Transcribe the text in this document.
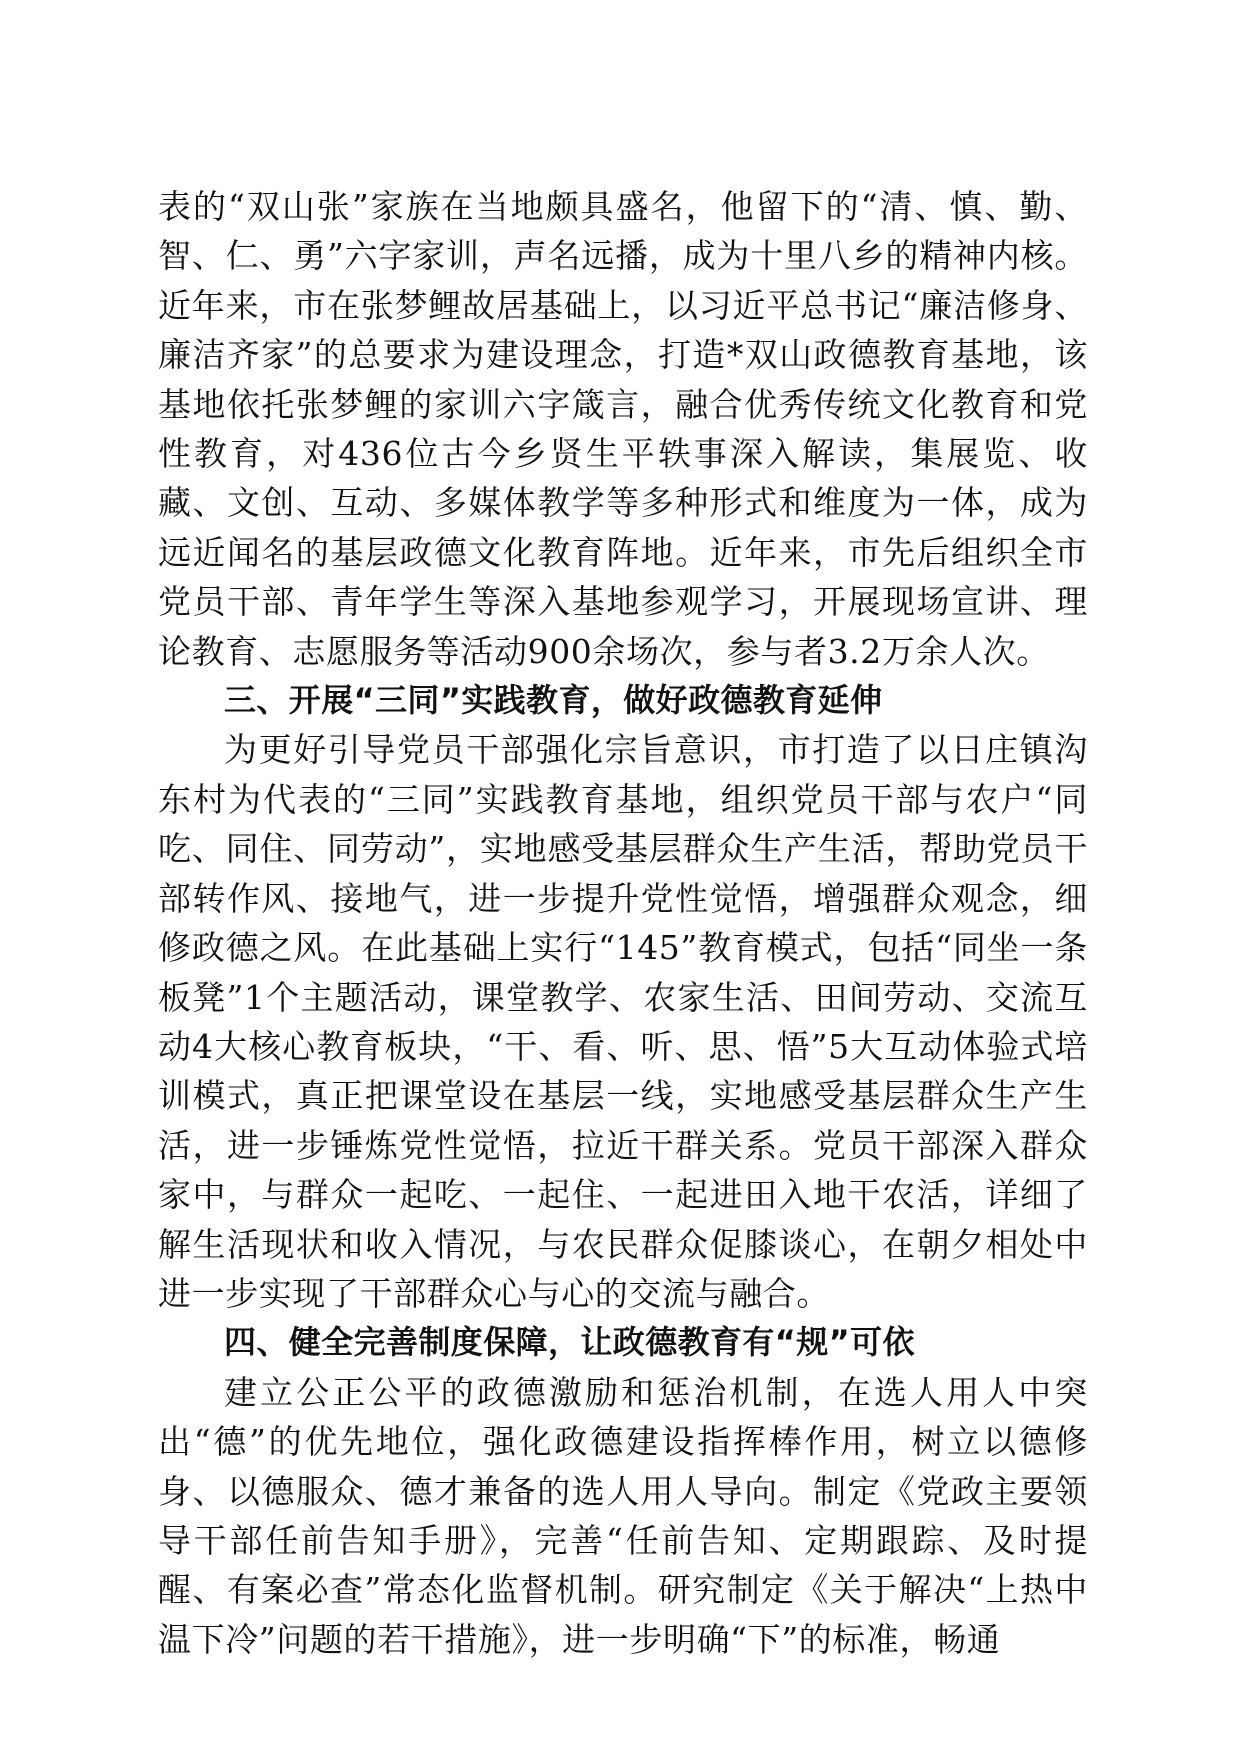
表的“双山张”家族在当地颇具盛名，他留下的“清、慎、勤、智、仁、勇”六字家训，声名远播，成为十里八乡的精神内核。近年来，市在张梦鲤故居基础上，以习近平总书记“廉洁修身、廉洁齐家”的总要求为建设理念，打造*双山政德教育基地，该基地依托张梦鲤的家训六字箴言，融合优秀传统文化教育和党性教育，对436位古今乡贤生平轶事深入解读，集展览、收藏、文创、互动、多媒体教学等多种形式和维度为一体，成为远近闻名的基层政德文化教育阵地。近年来，市先后组织全市党员干部、青年学生等深入基地参观学习，开展现场宣讲、理论教育、志愿服务等活动900余场次，参与者3.2万余人次。

三、开展“三同”实践教育，做好政德教育延伸

为更好引导党员干部强化宗旨意识，市打造了以日庄镇沟东村为代表的“三同”实践教育基地，组织党员干部与农户“同吃、同住、同劳动”，实地感受基层群众生产生活，帮助党员干部转作风、接地气，进一步提升党性觉悟，增强群众观念，细修政德之风。在此基础上实行“145”教育模式，包括“同坐一条板凳”1个主题活动，课堂教学、农家生活、田间劳动、交流互动4大核心教育板块，“干、看、听、思、悟”5大互动体验式培训模式，真正把课堂设在基层一线，实地感受基层群众生产生活，进一步锤炼党性觉悟，拉近干群关系。党员干部深入群众家中，与群众一起吃、一起住、一起进田入地干农活，详细了解生活现状和收入情况，与农民群众促膝谈心，在朝夕相处中进一步实现了干部群众心与心的交流与融合。

四、健全完善制度保障，让政德教育有“规”可依

建立公正公平的政德激励和惩治机制，在选人用人中突出“德”的优先地位，强化政德建设指挥棒作用，树立以德修身、以德服众、德才兼备的选人用人导向。制定《党政主要领导干部任前告知手册》，完善“任前告知、定期跟踪、及时提醒、有案必查”常态化监督机制。研究制定《关于解决“上热中温下冷”问题的若干措施》，进一步明确“下”的标准，畅通
